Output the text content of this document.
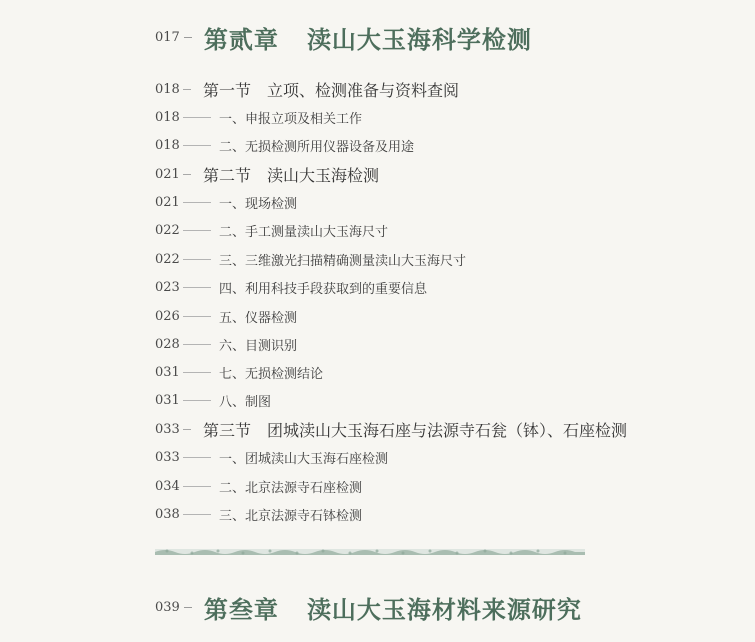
017 第贰章 渎山大玉海科学检测
018 第一节 立项、检测准备与资料查阅
018	一、申报立项及相关工作
018	二、无损检测所用仪器设备及用途
021 第二节 渎山大玉海检测
021	一、现场检测
022	二、手工测量渎山大玉海尺寸
022	三、三维激光扫描精确测量渎山大玉海尺寸
023	四、利用科技手段获取到的重要信息
026	五、仪器检测
028	六、目测识别
031	七、无损检测结论
031	八、制图
033 第三节 团城渎山大玉海石座与法源寺石瓮（钵）、石座检测
033	一、团城渎山大玉海石座检测
034	二、北京法源寺石座检测
038	三、北京法源寺石钵检测
039 第叁章 渎山大玉海材料来源研究
